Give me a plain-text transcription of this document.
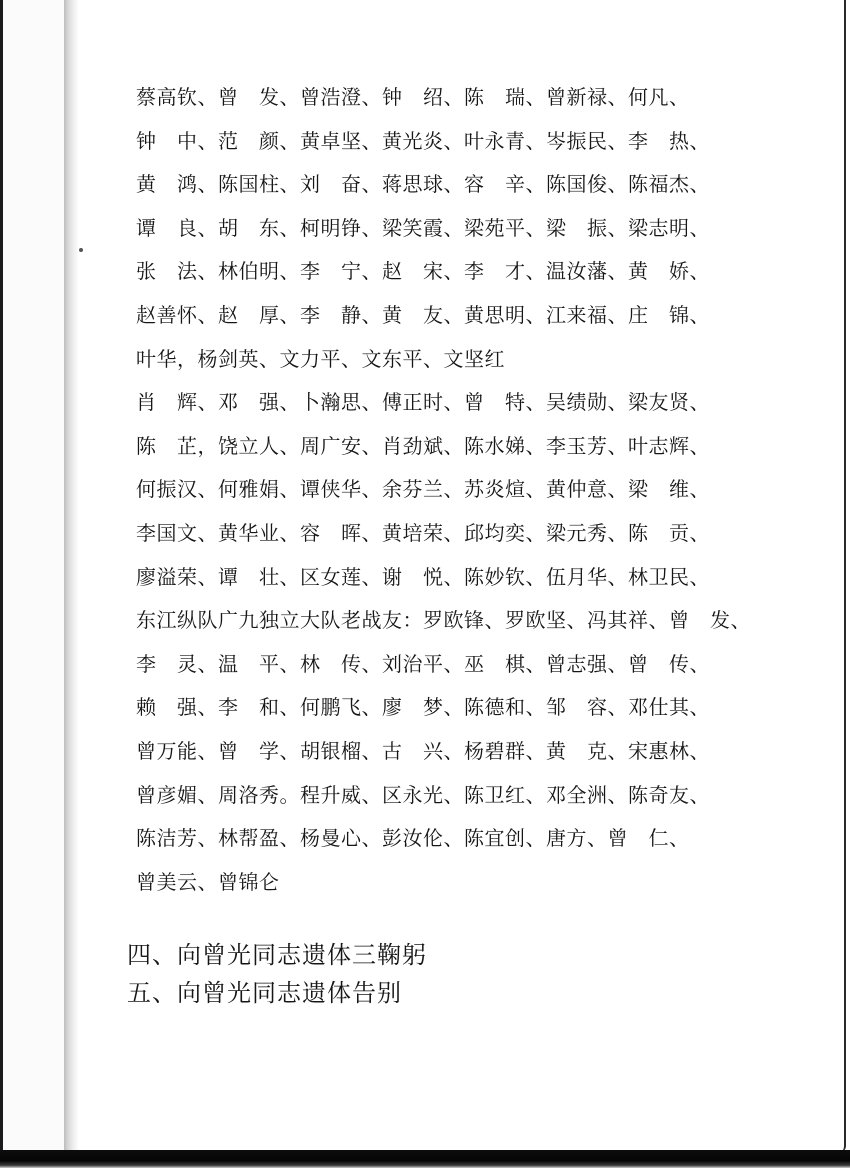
蔡高钦、曾　发、曾浩澄、钟　绍、陈　瑞、曾新禄、何凡、
钟　中、范　颜、黄卓坚、黄光炎、叶永青、岑振民、李　热、
黄　鸿、陈国柱、刘　奋、蒋思球、容　辛、陈国俊、陈福杰、
谭　良、胡　东、柯明铮、梁笑霞、梁苑平、梁　振、梁志明、
张　法、林伯明、李　宁、赵　宋、李　才、温汝藩、黄　娇、
赵善怀、赵　厚、李　静、黄　友、黄思明、江来福、庄　锦、
叶华，杨剑英、文力平、文东平、文坚红
肖　辉、邓　强、卜瀚思、傅正时、曾　特、吴绩勋、梁友贤、
陈　芷，饶立人、周广安、肖劲斌、陈水娣、李玉芳、叶志辉、
何振汉、何雅娟、谭侠华、余芬兰、苏炎煊、黄仲意、梁　维、
李国文、黄华业、容　晖、黄培荣、邱均奕、梁元秀、陈　贡、
廖溢荣、谭　壮、区女莲、谢　悦、陈妙钦、伍月华、林卫民、
东江纵队广九独立大队老战友：罗欧锋、罗欧坚、冯其祥、曾　发、
李　灵、温　平、林　传、刘治平、巫　棋、曾志强、曾　传、
赖　强、李　和、何鹏飞、廖　梦、陈德和、邹　容、邓仕其、
曾万能、曾　学、胡银榴、古　兴、杨碧群、黄　克、宋惠林、
曾彦媚、周洛秀。程升威、区永光、陈卫红、邓全洲、陈奇友、
陈洁芳、林帮盈、杨曼心、彭汝伦、陈宜创、唐方、曾　仁、
曾美云、曾锦仑
四、向曾光同志遗体三鞠躬
五、向曾光同志遗体告别
